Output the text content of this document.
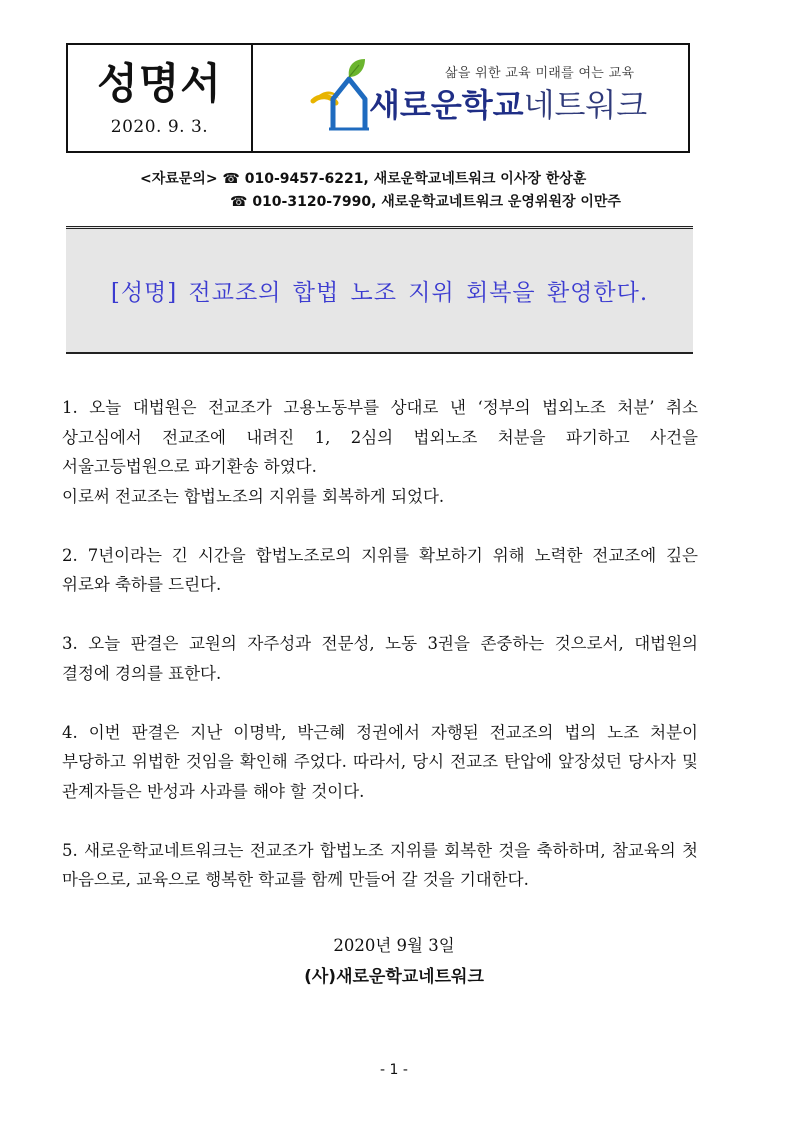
성명서
2020. 9. 3.
삶을 위한 교육 미래를 여는 교육
새로운학교네트워크
<자료문의> ☎ 010-9457-6221, 새로운학교네트워크 이사장 한상훈
☎ 010-3120-7990, 새로운학교네트워크 운영위원장 이만주
[성명] 전교조의 합법 노조 지위 회복을 환영한다.

1. 오늘 대법원은 전교조가 고용노동부를 상대로 낸 ‘정부의 법외노조 처분’ 취소 상고심에서 전교조에 내려진 1, 2심의 법외노조 처분을 파기하고 사건을 서울고등법원으로 파기환송 하였다.

이로써 전교조는 합법노조의 지위를 회복하게 되었다.

2. 7년이라는 긴 시간을 합법노조로의 지위를 확보하기 위해 노력한 전교조에 깊은 위로와 축하를 드린다.

3. 오늘 판결은 교원의 자주성과 전문성, 노동 3권을 존중하는 것으로서, 대법원의 결정에 경의를 표한다.

4. 이번 판결은 지난 이명박, 박근혜 정권에서 자행된 전교조의 법의 노조 처분이 부당하고 위법한 것임을 확인해 주었다. 따라서, 당시 전교조 탄압에 앞장섰던 당사자 및 관계자들은 반성과 사과를 해야 할 것이다.

5. 새로운학교네트워크는 전교조가 합법노조 지위를 회복한 것을 축하하며, 참교육의 첫 마음으로, 교육으로 행복한 학교를 함께 만들어 갈 것을 기대한다.

2020년 9월 3일
(사)새로운학교네트워크
- 1 -
